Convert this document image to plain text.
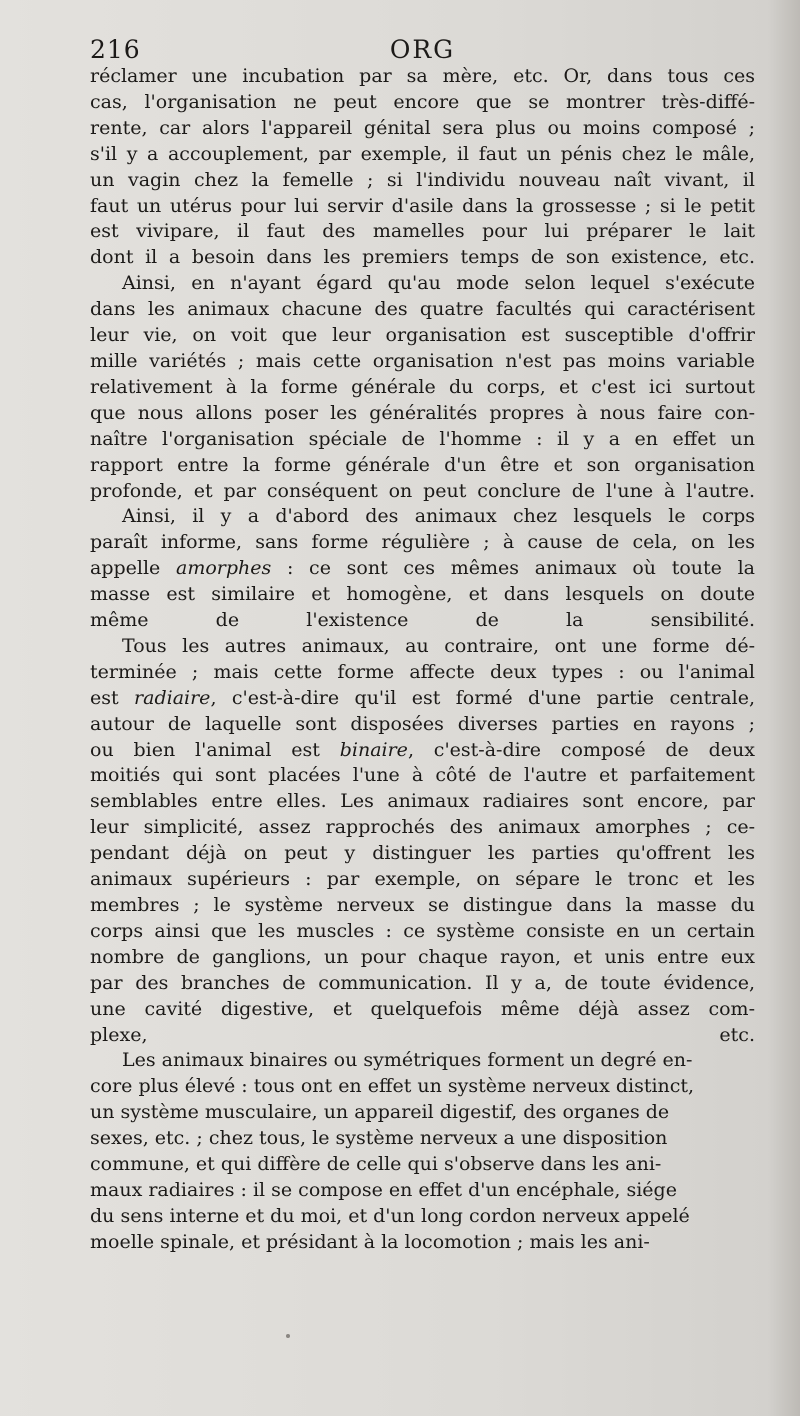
216	ORG

réclamer une incubation par sa mère, etc. Or, dans tous ces
cas, l'organisation ne peut encore que se montrer très-diffé-
rente, car alors l'appareil génital sera plus ou moins composé ;
s'il y a accouplement, par exemple, il faut un pénis chez le mâle,
un vagin chez la femelle ; si l'individu nouveau naît vivant, il
faut un utérus pour lui servir d'asile dans la grossesse ; si le petit
est vivipare, il faut des mamelles pour lui préparer le lait
dont il a besoin dans les premiers temps de son existence, etc.

Ainsi, en n'ayant égard qu'au mode selon lequel s'exécute
dans les animaux chacune des quatre facultés qui caractérisent
leur vie, on voit que leur organisation est susceptible d'offrir
mille variétés ; mais cette organisation n'est pas moins variable
relativement à la forme générale du corps, et c'est ici surtout
que nous allons poser les généralités propres à nous faire con-
naître l'organisation spéciale de l'homme : il y a en effet un
rapport entre la forme générale d'un être et son organisation
profonde, et par conséquent on peut conclure de l'une à l'autre.

Ainsi, il y a d'abord des animaux chez lesquels le corps
paraît informe, sans forme régulière ; à cause de cela, on les
appelle amorphes : ce sont ces mêmes animaux où toute la
masse est similaire et homogène, et dans lesquels on doute
même de l'existence de la sensibilité.

Tous les autres animaux, au contraire, ont une forme dé-
terminée ; mais cette forme affecte deux types : ou l'animal
est radiaire, c'est-à-dire qu'il est formé d'une partie centrale,
autour de laquelle sont disposées diverses parties en rayons ;
ou bien l'animal est binaire, c'est-à-dire composé de deux
moitiés qui sont placées l'une à côté de l'autre et parfaitement
semblables entre elles. Les animaux radiaires sont encore, par
leur simplicité, assez rapprochés des animaux amorphes ; ce-
pendant déjà on peut y distinguer les parties qu'offrent les
animaux supérieurs : par exemple, on sépare le tronc et les
membres ; le système nerveux se distingue dans la masse du
corps ainsi que les muscles : ce système consiste en un certain
nombre de ganglions, un pour chaque rayon, et unis entre eux
par des branches de communication. Il y a, de toute évidence,
une cavité digestive, et quelquefois même déjà assez com-
plexe, etc.

Les animaux binaires ou symétriques forment un degré en-
core plus élevé : tous ont en effet un système nerveux distinct,
un système musculaire, un appareil digestif, des organes de
sexes, etc. ; chez tous, le système nerveux a une disposition
commune, et qui diffère de celle qui s'observe dans les ani-
maux radiaires : il se compose en effet d'un encéphale, siége
du sens interne et du moi, et d'un long cordon nerveux appelé
moelle spinale, et présidant à la locomotion ; mais les ani-
